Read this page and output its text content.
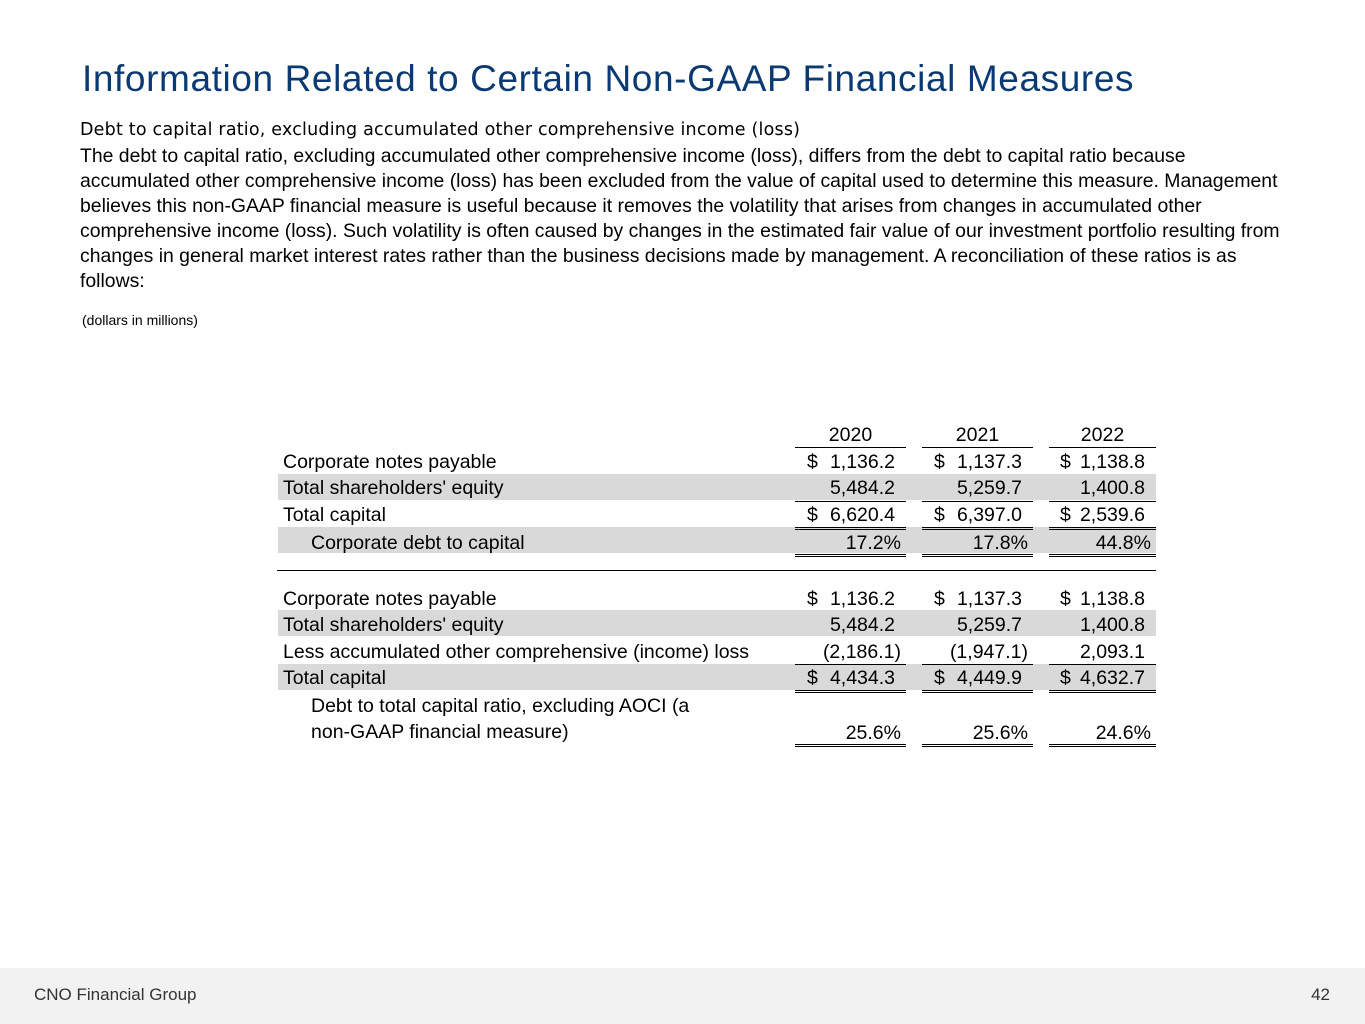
Information Related to Certain Non-GAAP Financial Measures
Debt to capital ratio, excluding accumulated other comprehensive income (loss)
The debt to capital ratio, excluding accumulated other comprehensive income (loss), differs from the debt to capital ratio because accumulated other comprehensive income (loss) has been excluded from the value of capital used to determine this measure. Management believes this non-GAAP financial measure is useful because it removes the volatility that arises from changes in accumulated other comprehensive income (loss). Such volatility is often caused by changes in the estimated fair value of our investment portfolio resulting from changes in general market interest rates rather than the business decisions made by management. A reconciliation of these ratios is as follows:
(dollars in millions)
2020	2021	2022
Corporate notes payable	$ 1,136.2 $ 1,137.3 $ 1,138.8
Total shareholders' equity	5,484.2	5,259.7	1,400.8
Total capital	$ 6,620.4 $ 6,397.0 $ 2,539.6
Corporate debt to capital	17.2%	17.8%	44.8%
Corporate notes payable	$ 1,136.2 $ 1,137.3 $ 1,138.8
Total shareholders' equity	5,484.2	5,259.7	1,400.8
Less accumulated other comprehensive (income) loss	(2,186.1)	(1,947.1)	2,093.1
Total capital	$ 4,434.3 $ 4,449.9 $ 4,632.7
Debt to total capital ratio, excluding AOCI (a
non-GAAP financial measure)	25.6%	25.6%	24.6%
CNO Financial Group	42
